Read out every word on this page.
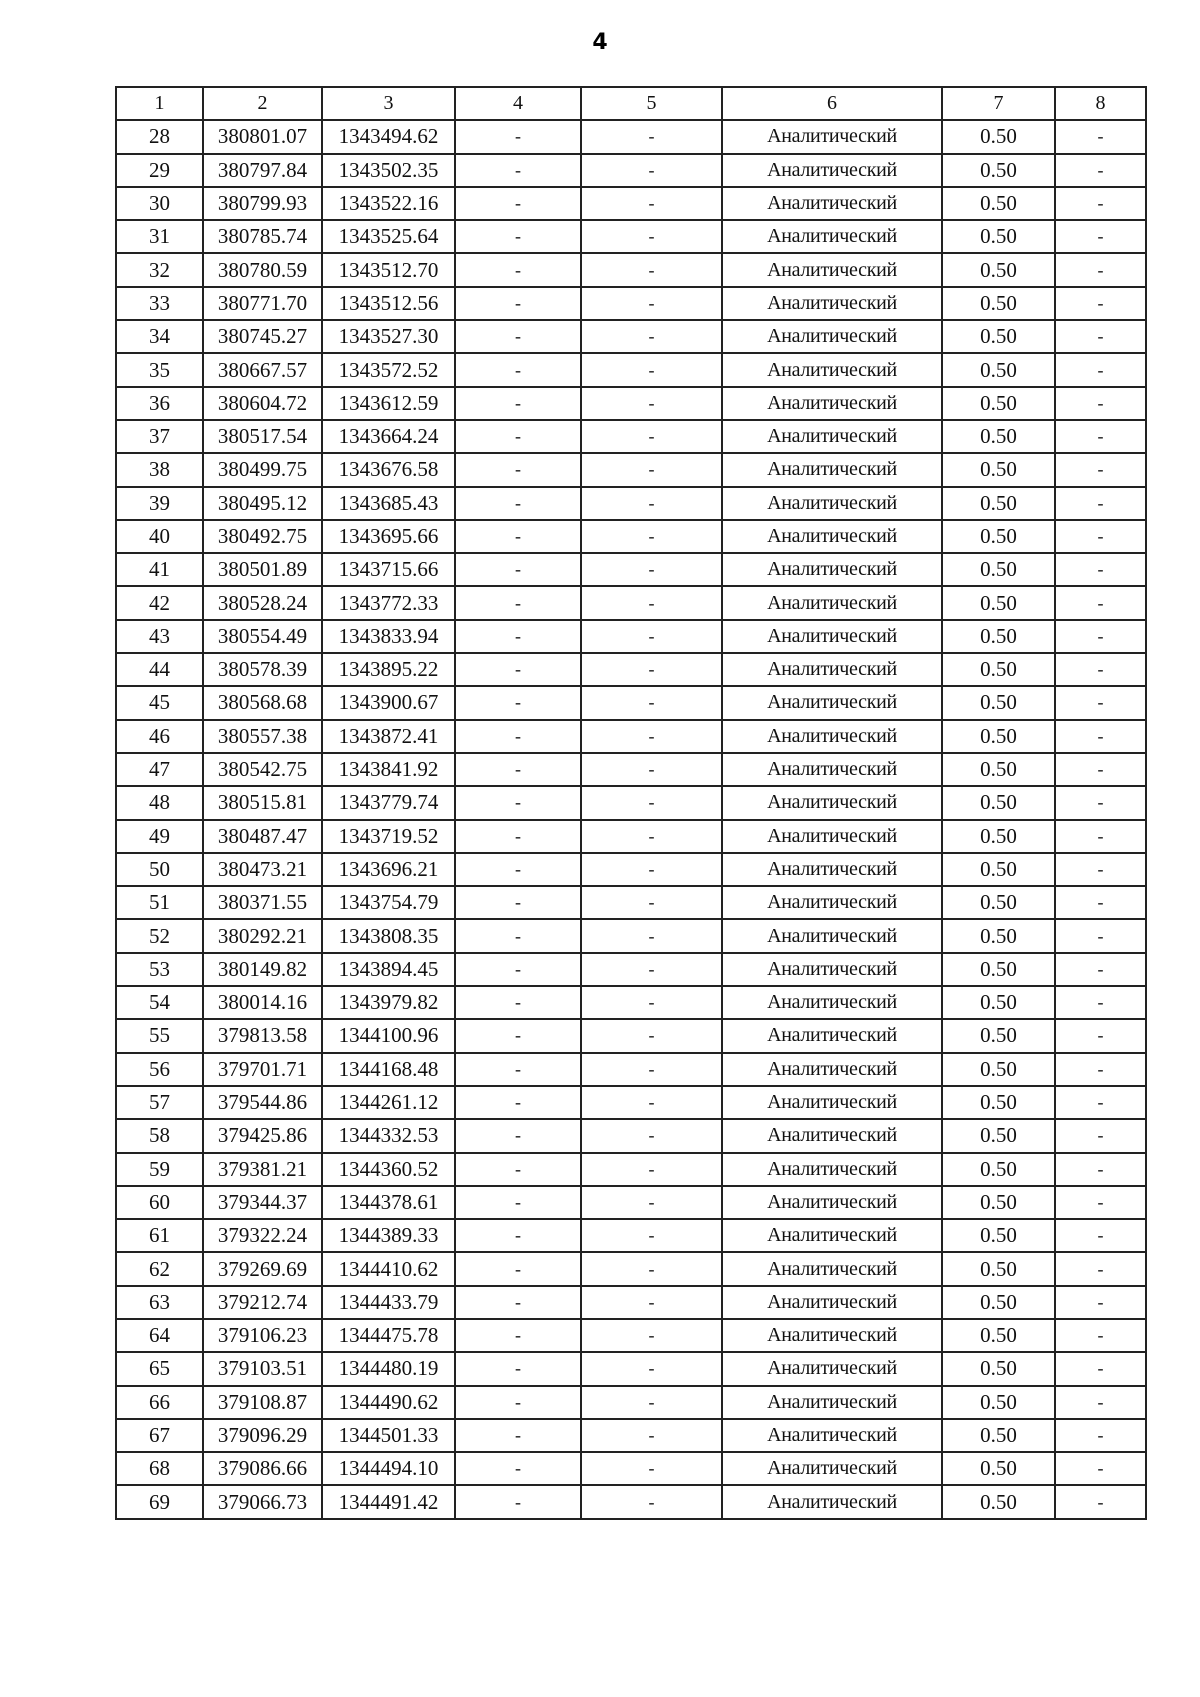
4
1	2	3	4	5	6	7	8
28	380801.07	1343494.62	-	-	Аналитический	0.50	-
29	380797.84	1343502.35	-	-	Аналитический	0.50	-
30	380799.93	1343522.16	-	-	Аналитический	0.50	-
31	380785.74	1343525.64	-	-	Аналитический	0.50	-
32	380780.59	1343512.70	-	-	Аналитический	0.50	-
33	380771.70	1343512.56	-	-	Аналитический	0.50	-
34	380745.27	1343527.30	-	-	Аналитический	0.50	-
35	380667.57	1343572.52	-	-	Аналитический	0.50	-
36	380604.72	1343612.59	-	-	Аналитический	0.50	-
37	380517.54	1343664.24	-	-	Аналитический	0.50	-
38	380499.75	1343676.58	-	-	Аналитический	0.50	-
39	380495.12	1343685.43	-	-	Аналитический	0.50	-
40	380492.75	1343695.66	-	-	Аналитический	0.50	-
41	380501.89	1343715.66	-	-	Аналитический	0.50	-
42	380528.24	1343772.33	-	-	Аналитический	0.50	-
43	380554.49	1343833.94	-	-	Аналитический	0.50	-
44	380578.39	1343895.22	-	-	Аналитический	0.50	-
45	380568.68	1343900.67	-	-	Аналитический	0.50	-
46	380557.38	1343872.41	-	-	Аналитический	0.50	-
47	380542.75	1343841.92	-	-	Аналитический	0.50	-
48	380515.81	1343779.74	-	-	Аналитический	0.50	-
49	380487.47	1343719.52	-	-	Аналитический	0.50	-
50	380473.21	1343696.21	-	-	Аналитический	0.50	-
51	380371.55	1343754.79	-	-	Аналитический	0.50	-
52	380292.21	1343808.35	-	-	Аналитический	0.50	-
53	380149.82	1343894.45	-	-	Аналитический	0.50	-
54	380014.16	1343979.82	-	-	Аналитический	0.50	-
55	379813.58	1344100.96	-	-	Аналитический	0.50	-
56	379701.71	1344168.48	-	-	Аналитический	0.50	-
57	379544.86	1344261.12	-	-	Аналитический	0.50	-
58	379425.86	1344332.53	-	-	Аналитический	0.50	-
59	379381.21	1344360.52	-	-	Аналитический	0.50	-
60	379344.37	1344378.61	-	-	Аналитический	0.50	-
61	379322.24	1344389.33	-	-	Аналитический	0.50	-
62	379269.69	1344410.62	-	-	Аналитический	0.50	-
63	379212.74	1344433.79	-	-	Аналитический	0.50	-
64	379106.23	1344475.78	-	-	Аналитический	0.50	-
65	379103.51	1344480.19	-	-	Аналитический	0.50	-
66	379108.87	1344490.62	-	-	Аналитический	0.50	-
67	379096.29	1344501.33	-	-	Аналитический	0.50	-
68	379086.66	1344494.10	-	-	Аналитический	0.50	-
69	379066.73	1344491.42	-	-	Аналитический	0.50	-
